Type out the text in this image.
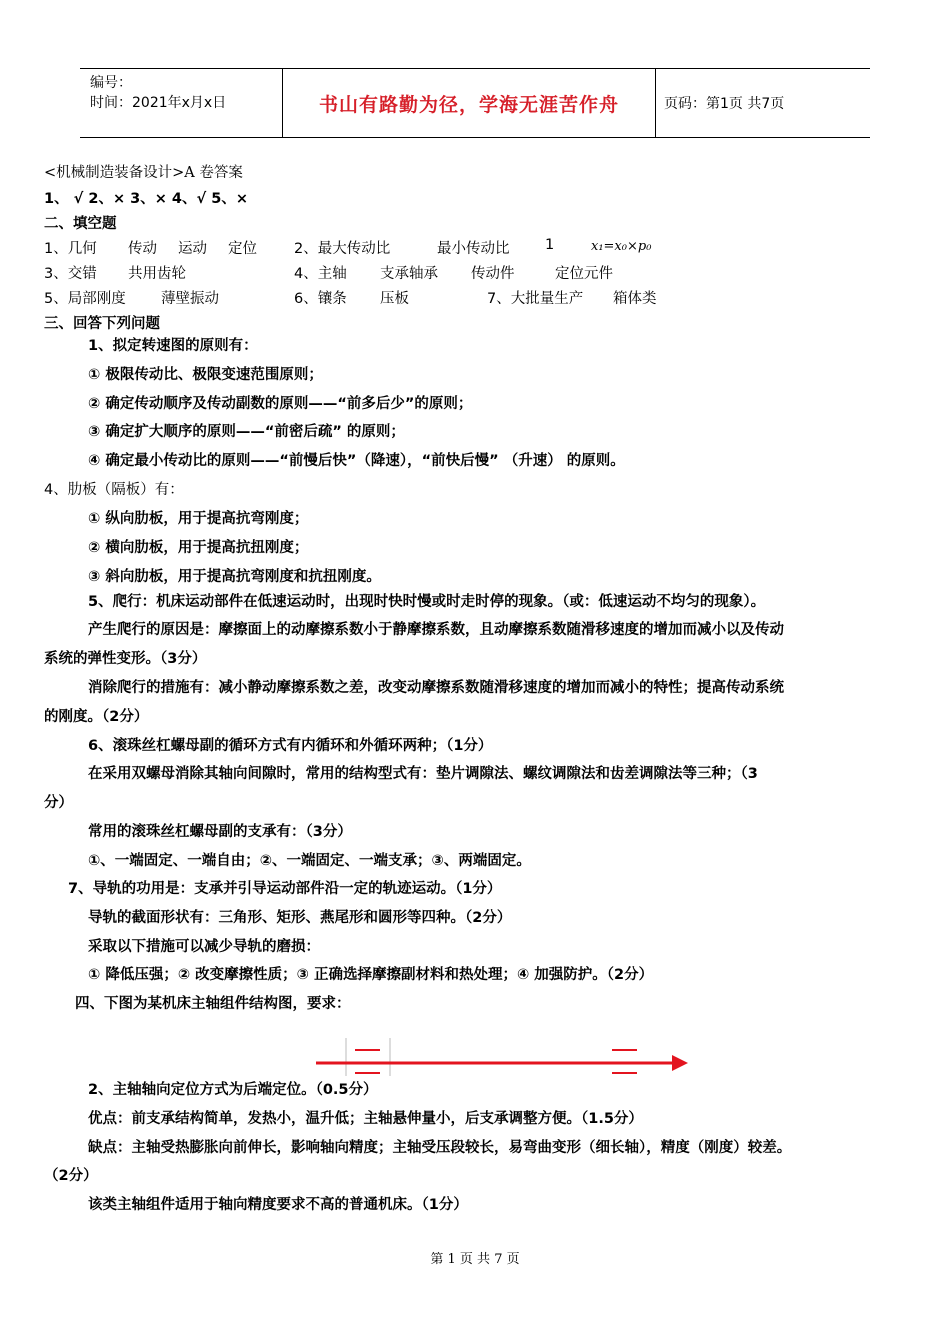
编号：
时间：2021年x月x日	书山有路勤为径，学海无涯苦作舟	页码：第1页 共7页
<机械制造装备设计>A 卷答案
1、 √ 2、× 3、× 4、√ 5、×
二、填空题
1、几何 传动 运动 定位	2、最大传动比	最小传动比 1	x₁=x₀×p₀
3、交错 共用齿轮	4、主轴 支承轴承 传动件	定位元件
5、局部刚度 薄壁振动	6、镶条 压板	7、大批量生产 箱体类
三、回答下列问题
1、拟定转速图的原则有：
① 极限传动比、极限变速范围原则；
② 确定传动顺序及传动副数的原则——“前多后少”的原则；
③ 确定扩大顺序的原则——“前密后疏” 的原则；
④ 确定最小传动比的原则——“前慢后快”（降速），“前快后慢” （升速） 的原则。
4、肋板（隔板）有：
① 纵向肋板，用于提高抗弯刚度；
② 横向肋板，用于提高抗扭刚度；
③ 斜向肋板，用于提高抗弯刚度和抗扭刚度。
5、爬行：机床运动部件在低速运动时，出现时快时慢或时走时停的现象。（或：低速运动不均匀的现象）。
产生爬行的原因是：摩擦面上的动摩擦系数小于静摩擦系数，且动摩擦系数随滑移速度的增加而减小以及传动
系统的弹性变形。（3分）
消除爬行的措施有：减小静动摩擦系数之差，改变动摩擦系数随滑移速度的增加而减小的特性；提高传动系统
的刚度。（2分）
6、滚珠丝杠螺母副的循环方式有内循环和外循环两种；（1分）
在采用双螺母消除其轴向间隙时，常用的结构型式有：垫片调隙法、螺纹调隙法和齿差调隙法等三种；（3
分）
常用的滚珠丝杠螺母副的支承有：（3分）
①、一端固定、一端自由；②、一端固定、一端支承；③、两端固定。
7、导轨的功用是：支承并引导运动部件沿一定的轨迹运动。（1分）
导轨的截面形状有：三角形、矩形、燕尾形和圆形等四种。（2分）
采取以下措施可以减少导轨的磨损：
① 降低压强；② 改变摩擦性质；③ 正确选择摩擦副材料和热处理；④ 加强防护。（2分）
四、下图为某机床主轴组件结构图，要求：
2、主轴轴向定位方式为后端定位。（0.5分）
优点：前支承结构简单，发热小，温升低；主轴悬伸量小，后支承调整方便。（1.5分）
缺点：主轴受热膨胀向前伸长，影响轴向精度；主轴受压段较长，易弯曲变形（细长轴），精度（刚度）较差。
（2分）
该类主轴组件适用于轴向精度要求不高的普通机床。（1分）
第 1 页 共 7 页
